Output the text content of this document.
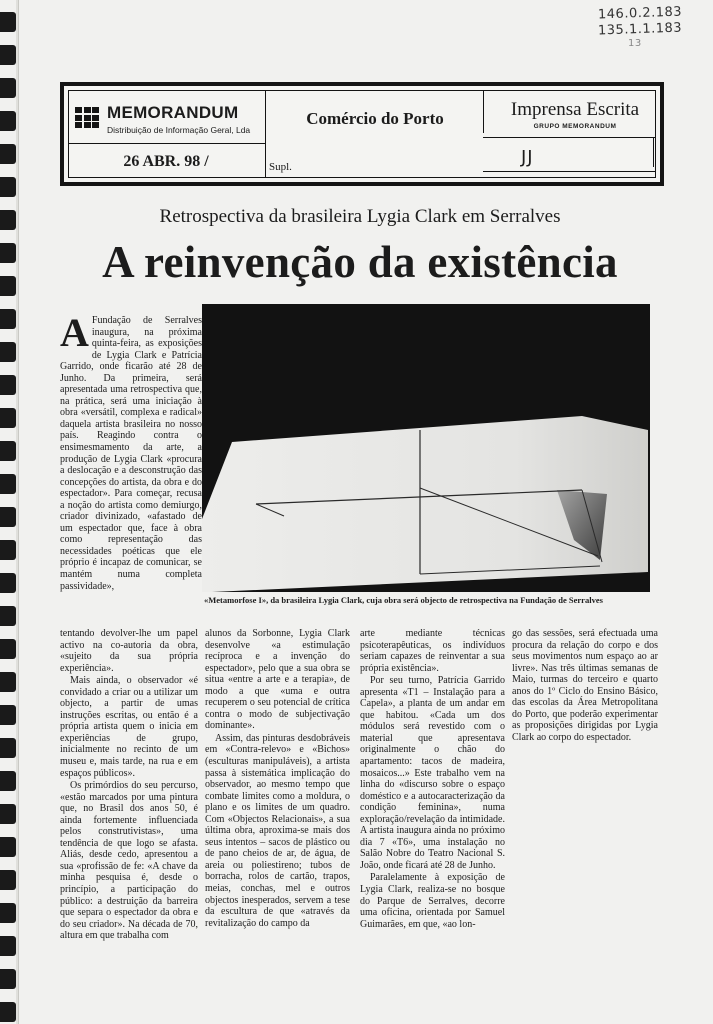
146.0.2.183
135.1.1.183
13
MEMORANDUM
Distribuição de Informação Geral, Lda
Comércio do Porto	Imprensa Escrita
GRUPO MEMORANDUM
26 ABR. 98 /	Supl.	JJ
Retrospectiva da brasileira Lygia Clark em Serralves
A reinvenção da existência
«Metamorfose I», da brasileira Lygia Clark, cuja obra será objecto de retrospectiva na Fundação de Serralves

A Fundação de Serralves inaugura, na próxima quinta-feira, as exposições de Lygia Clark e Patrícia Garrido, onde ficarão até 28 de Junho. Da primeira, será apresentada uma retrospectiva que, na prática, será uma iniciação à obra «versátil, complexa e radical» daquela artista brasileira no nosso país. Reagindo contra o ensimesmamento da arte, a produção de Lygia Clark «procura a deslocação e a desconstrução das concepções do artista, da obra e do espectador». Para começar, recusa a noção do artista como demiurgo, criador divinizado, «afastado de um espectador que, face à obra como representação das necessidades poéticas que ele próprio é incapaz de comunicar, se mantém numa completa passividade»,

tentando devolver-lhe um papel activo na co-autoria da obra, «sujeito da sua própria experiência».

Mais ainda, o observador «é convidado a criar ou a utilizar um objecto, a partir de umas instruções escritas, ou então é a própria artista quem o inicia em experiências de grupo, inicialmente no recinto de um museu e, mais tarde, na rua e em espaços públicos».

Os primórdios do seu percurso, «estão marcados por uma pintura que, no Brasil dos anos 50, é ainda fortemente influenciada pelos construtivistas», uma tendência de que logo se afasta. Aliás, desde cedo, apresentou a sua «profissão de fe: «A chave da minha pesquisa é, desde o princípio, a participação do público: a destruição da barreira que separa o espectador da obra e do seu criador». Na década de 70, altura em que trabalha com

alunos da Sorbonne, Lygia Clark desenvolve «a estimulação recíproca e a invenção do espectador», pelo que a sua obra se situa «entre a arte e a terapia», de modo a que «uma e outra recuperem o seu potencial de crítica contra o modo de subjectivação dominante».

Assim, das pinturas desdobráveis em «Contra-relevo» e «Bichos» (esculturas manipuláveis), a artista passa à sistemática implicação do observador, ao mesmo tempo que combate limites como a moldura, o plano e os limites de um quadro. Com «Objectos Relacionais», a sua última obra, aproxima-se mais dos seus intentos – sacos de plástico ou de pano cheios de ar, de água, de areia ou poliestireno; tubos de borracha, rolos de cartão, trapos, meias, conchas, mel e outros objectos inesperados, servem a tese da escultura de que «através da revitalização do campo da

arte mediante técnicas psicoterapêuticas, os indivíduos seriam capazes de reinventar a sua própria existência».

Por seu turno, Patrícia Garrido apresenta «T1 – Instalação para a Capela», a planta de um andar em que habitou. «Cada um dos módulos será revestido com o material que apresentava originalmente o chão do apartamento: tacos de madeira, mosaicos...» Este trabalho vem na linha do «discurso sobre o espaço doméstico e a autocaracterização da condição feminina», numa exploração/revelação da intimidade. A artista inaugura ainda no próximo dia 7 «T6», uma instalação no Salão Nobre do Teatro Nacional S. João, onde ficará até 28 de Junho.

Paralelamente à exposição de Lygia Clark, realiza-se no bosque do Parque de Serralves, decorre uma oficina, orientada por Samuel Guimarães, em que, «ao lon-

go das sessões, será efectuada uma procura da relação do corpo e dos seus movimentos num espaço ao ar livre». Nas três últimas semanas de Maio, turmas do terceiro e quarto anos do 1º Ciclo do Ensino Básico, das escolas da Área Metropolitana do Porto, que poderão experimentar as proposições dirigidas por Lygia Clark ao corpo do espectador.
